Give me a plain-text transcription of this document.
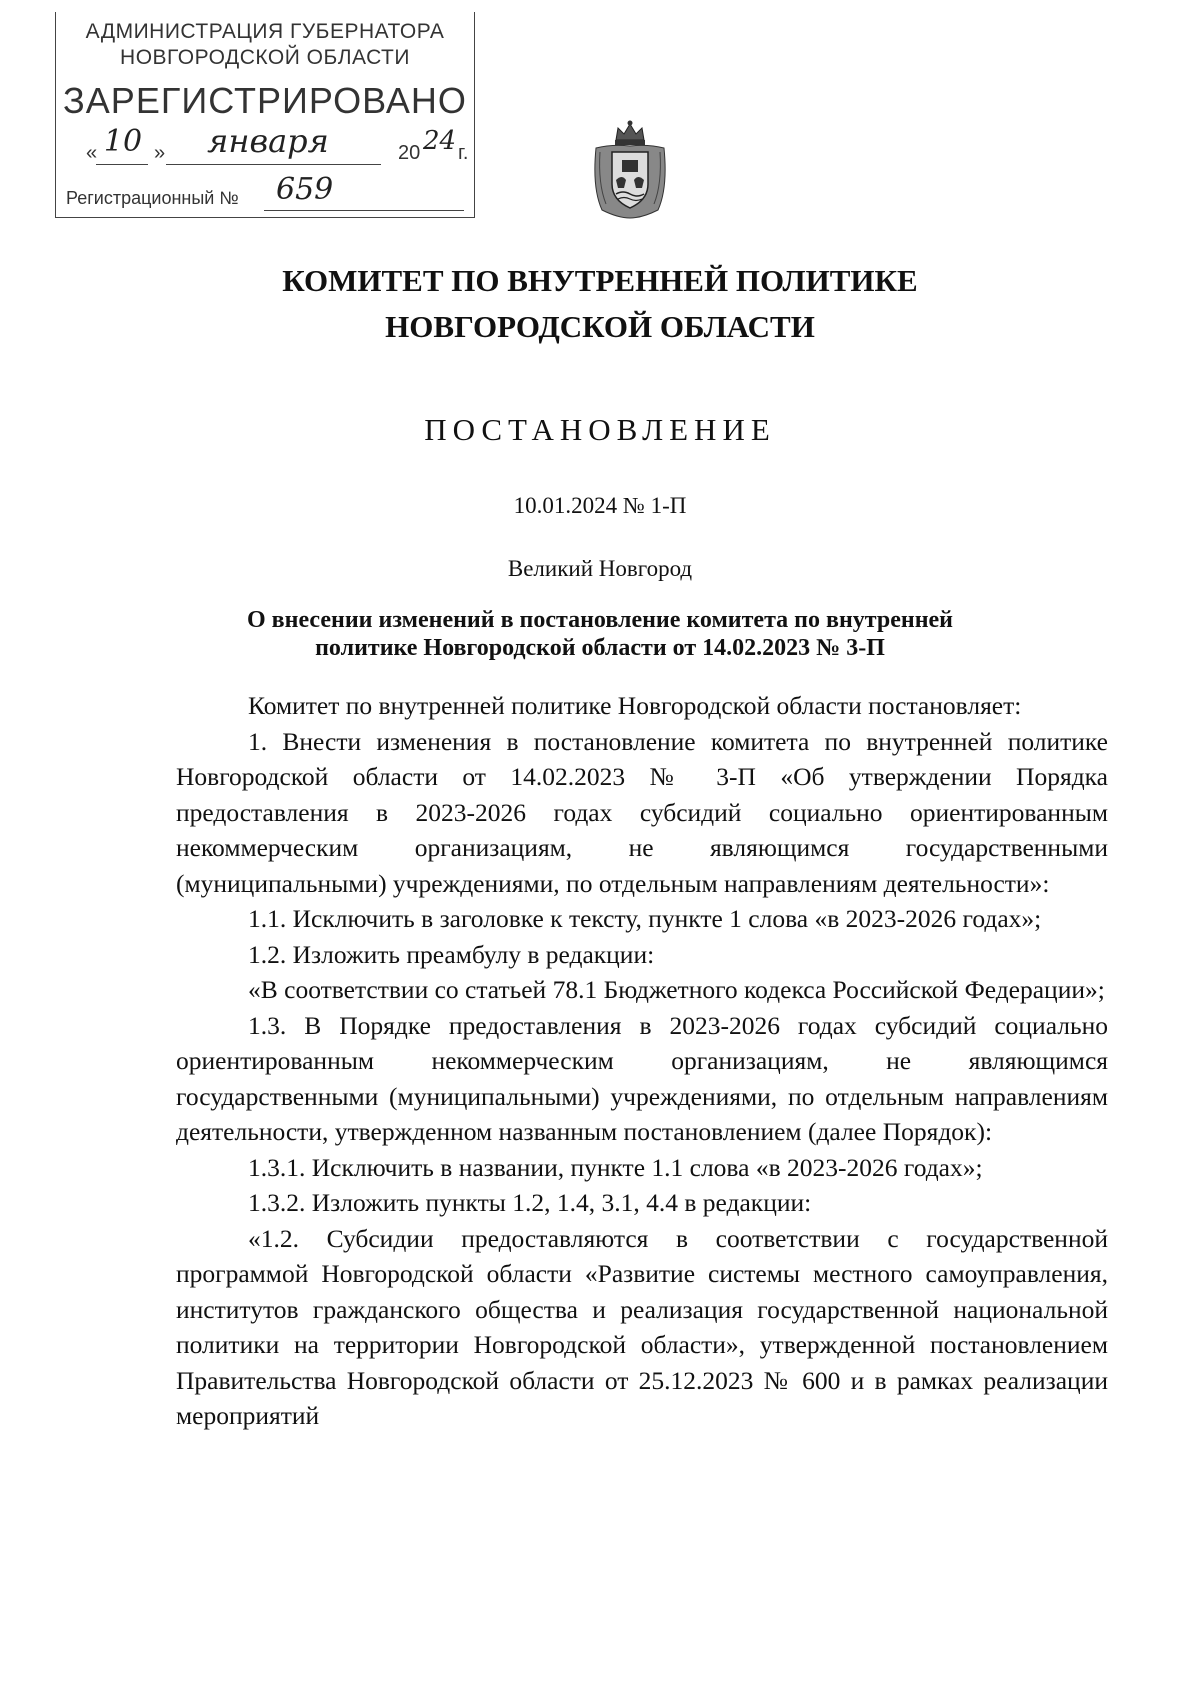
АДМИНИСТРАЦИЯ ГУБЕРНАТОРА
НОВГОРОДСКОЙ ОБЛАСТИ
ЗАРЕГИСТРИРОВАНО
« 10 »	января	20 24 г.
Регистрационный № 659
КОМИТЕТ ПО ВНУТРЕННЕЙ ПОЛИТИКЕ
НОВГОРОДСКОЙ ОБЛАСТИ
ПОСТАНОВЛЕНИЕ
10.01.2024 № 1-П
Великий Новгород
О внесении изменений в постановление комитета по внутренней
политике Новгородской области от 14.02.2023 № 3-П

Комитет по внутренней политике Новгородской области постановляет:

1. Внести изменения в постановление комитета по внутренней политике Новгородской области от 14.02.2023 № 3-П «Об утверждении Порядка предоставления в 2023-2026 годах субсидий социально ориентированным некоммерческим организациям, не являющимся государственными (муниципальными) учреждениями, по отдельным направлениям деятельности»:

1.1. Исключить в заголовке к тексту, пункте 1 слова «в 2023-2026 годах»;

1.2. Изложить преамбулу в редакции:

«В соответствии со статьей 78.1 Бюджетного кодекса Российской Федерации»;

1.3. В Порядке предоставления в 2023-2026 годах субсидий социально ориентированным некоммерческим организациям, не являющимся государственными (муниципальными) учреждениями, по отдельным направлениям деятельности, утвержденном названным постановлением (далее Порядок):

1.3.1. Исключить в названии, пункте 1.1 слова «в 2023-2026 годах»;

1.3.2. Изложить пункты 1.2, 1.4, 3.1, 4.4 в редакции:

«1.2. Субсидии предоставляются в соответствии с государственной программой Новгородской области «Развитие системы местного самоуправления, институтов гражданского общества и реализация государственной национальной политики на территории Новгородской области», утвержденной постановлением Правительства Новгородской области от 25.12.2023 № 600 и в рамках реализации мероприятий
